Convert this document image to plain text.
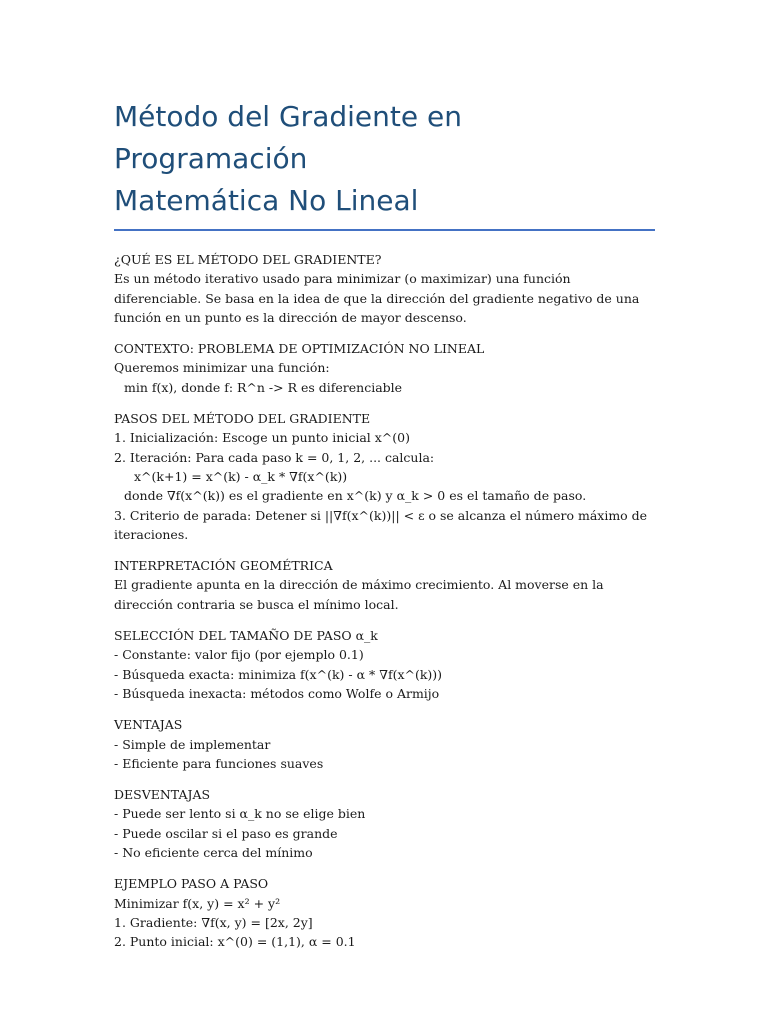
Método del Gradiente en Programación
Matemática No Lineal
¿QUÉ ES EL MÉTODO DEL GRADIENTE?
Es un método iterativo usado para minimizar (o maximizar) una función diferenciable. Se basa en la idea de que la dirección del gradiente negativo de una función en un punto es la dirección de mayor descenso.
CONTEXTO: PROBLEMA DE OPTIMIZACIÓN NO LINEAL
Queremos minimizar una función:
min f(x), donde f: R^n -> R es diferenciable
PASOS DEL MÉTODO DEL GRADIENTE
1. Inicialización: Escoge un punto inicial x^(0)
2. Iteración: Para cada paso k = 0, 1, 2, ... calcula:
x^(k+1) = x^(k) - α_k * ∇f(x^(k))
donde ∇f(x^(k)) es el gradiente en x^(k) y α_k > 0 es el tamaño de paso.
3. Criterio de parada: Detener si ||∇f(x^(k))|| < ε o se alcanza el número máximo de iteraciones.
INTERPRETACIÓN GEOMÉTRICA
El gradiente apunta en la dirección de máximo crecimiento. Al moverse en la dirección contraria se busca el mínimo local.
SELECCIÓN DEL TAMAÑO DE PASO α_k
- Constante: valor fijo (por ejemplo 0.1)
- Búsqueda exacta: minimiza f(x^(k) - α * ∇f(x^(k)))
- Búsqueda inexacta: métodos como Wolfe o Armijo
VENTAJAS
- Simple de implementar
- Eficiente para funciones suaves
DESVENTAJAS
- Puede ser lento si α_k no se elige bien
- Puede oscilar si el paso es grande
- No eficiente cerca del mínimo
EJEMPLO PASO A PASO
Minimizar f(x, y) = x² + y²
1. Gradiente: ∇f(x, y) = [2x, 2y]
2. Punto inicial: x^(0) = (1,1), α = 0.1
